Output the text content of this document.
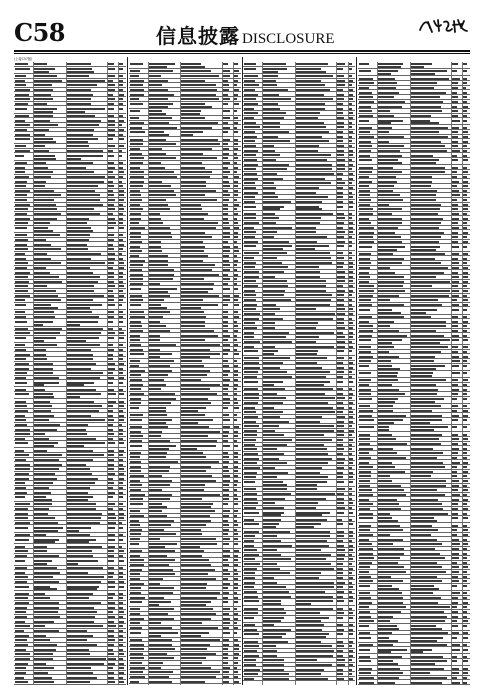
C58	信息披露 DISCLOSURE
(上接C57版)
